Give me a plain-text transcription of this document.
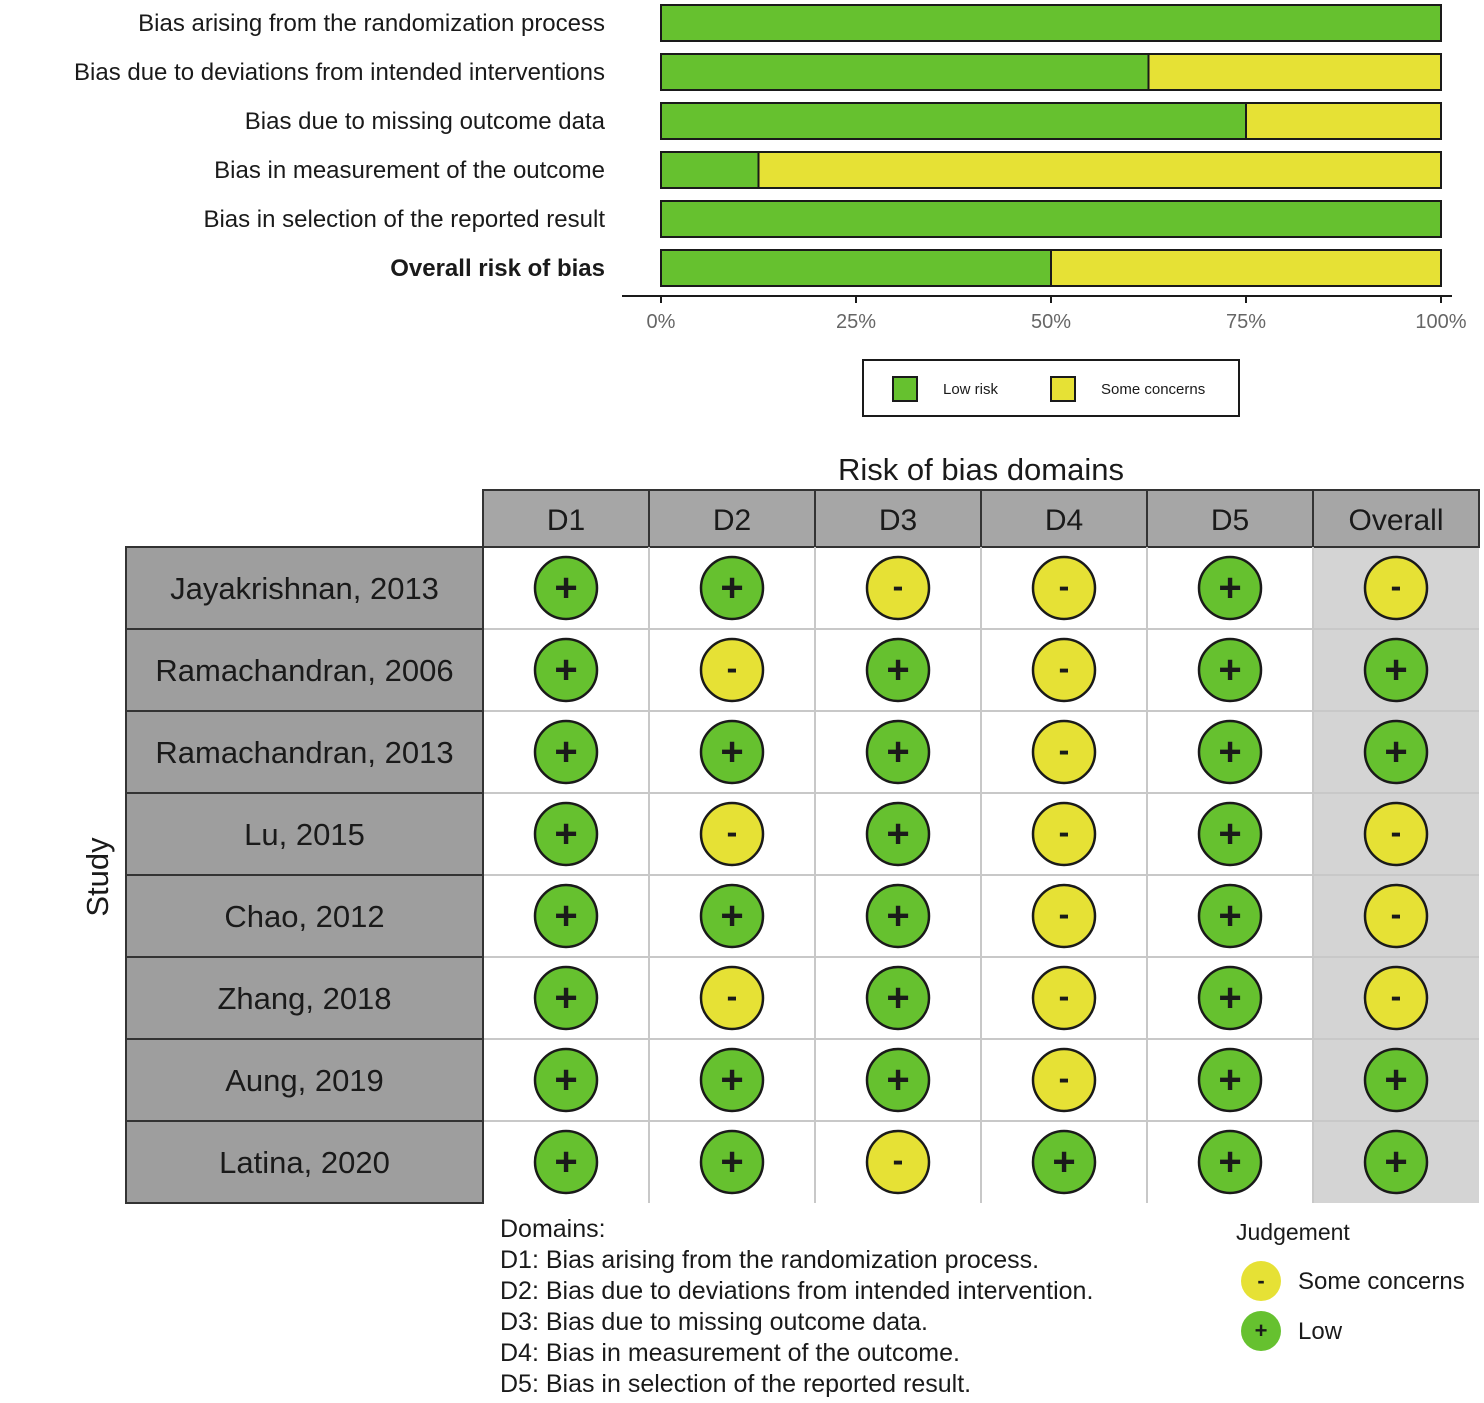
Bias arising from the randomization process
Bias due to deviations from intended interventions
Bias due to missing outcome data
Bias in measurement of the outcome
Bias in selection of the reported result
Overall risk of bias
0%	25%	50%	75%	100%
Low risk	Some concerns
Risk of bias domains
D1	D2	D3	D4	D5	Overall
Jayakrishnan, 2013	+	+	-	-	+	-
Ramachandran, 2006	+	-	+	-	+	+
Ramachandran, 2013	+	+	+	-	+	+
Lu, 2015	+	-	+	-	+	-
Chao, 2012	+	+	+	-	+	-
Zhang, 2018	+	-	+	-	+	-
Aung, 2019	+	+	+	-	+	+
Latina, 2020	+	+	-	+	+	+
Study
Domains:
D1: Bias arising from the randomization process.
D2: Bias due to deviations from intended intervention.
D3: Bias due to missing outcome data.
D4: Bias in measurement of the outcome.
D5: Bias in selection of the reported result.
Judgement
- Some concerns
+ Low
